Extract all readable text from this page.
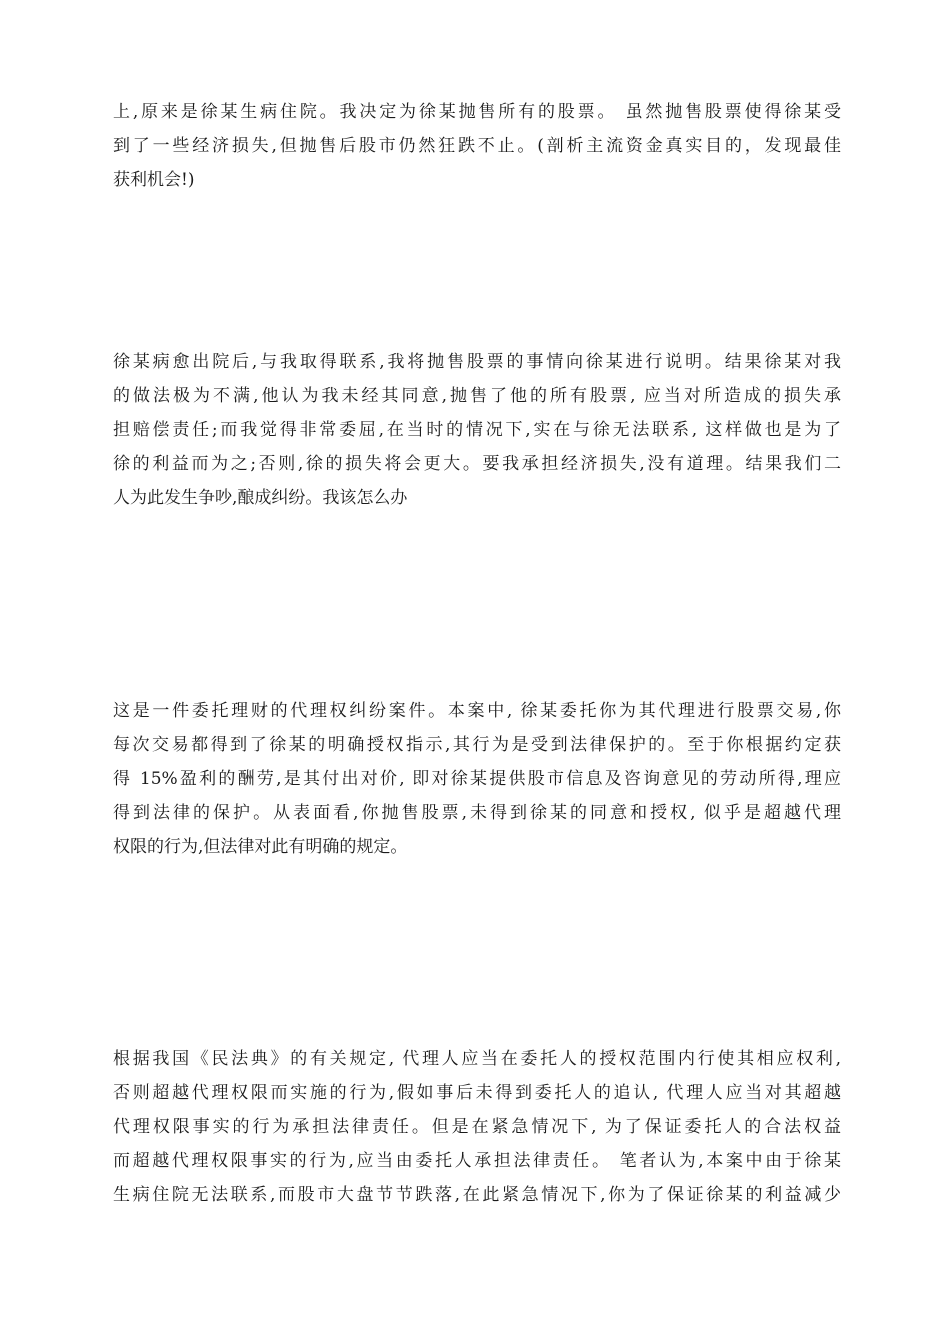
上,原来是徐某生病住院。我决定为徐某抛售所有的股票。 虽然抛售股票使得徐某受
到了一些经济损失,但抛售后股市仍然狂跌不止。(剖析主流资金真实目的，发现最佳
获利机会!)
徐某病愈出院后,与我取得联系,我将抛售股票的事情向徐某进行说明。结果徐某对我
的做法极为不满,他认为我未经其同意,抛售了他的所有股票, 应当对所造成的损失承
担赔偿责任;而我觉得非常委屈,在当时的情况下,实在与徐无法联系, 这样做也是为了
徐的利益而为之;否则,徐的损失将会更大。要我承担经济损失,没有道理。结果我们二
人为此发生争吵,酿成纠纷。我该怎么办
这是一件委托理财的代理权纠纷案件。本案中, 徐某委托你为其代理进行股票交易,你
每次交易都得到了徐某的明确授权指示,其行为是受到法律保护的。至于你根据约定获
得 15%盈利的酬劳,是其付出对价, 即对徐某提供股市信息及咨询意见的劳动所得,理应
得到法律的保护。从表面看,你抛售股票,未得到徐某的同意和授权, 似乎是超越代理
权限的行为,但法律对此有明确的规定。
根据我国《民法典》的有关规定, 代理人应当在委托人的授权范围内行使其相应权利,
否则超越代理权限而实施的行为,假如事后未得到委托人的追认, 代理人应当对其超越
代理权限事实的行为承担法律责任。但是在紧急情况下, 为了保证委托人的合法权益
而超越代理权限事实的行为,应当由委托人承担法律责任。 笔者认为,本案中由于徐某
生病住院无法联系,而股市大盘节节跌落,在此紧急情况下,你为了保证徐某的利益减少
